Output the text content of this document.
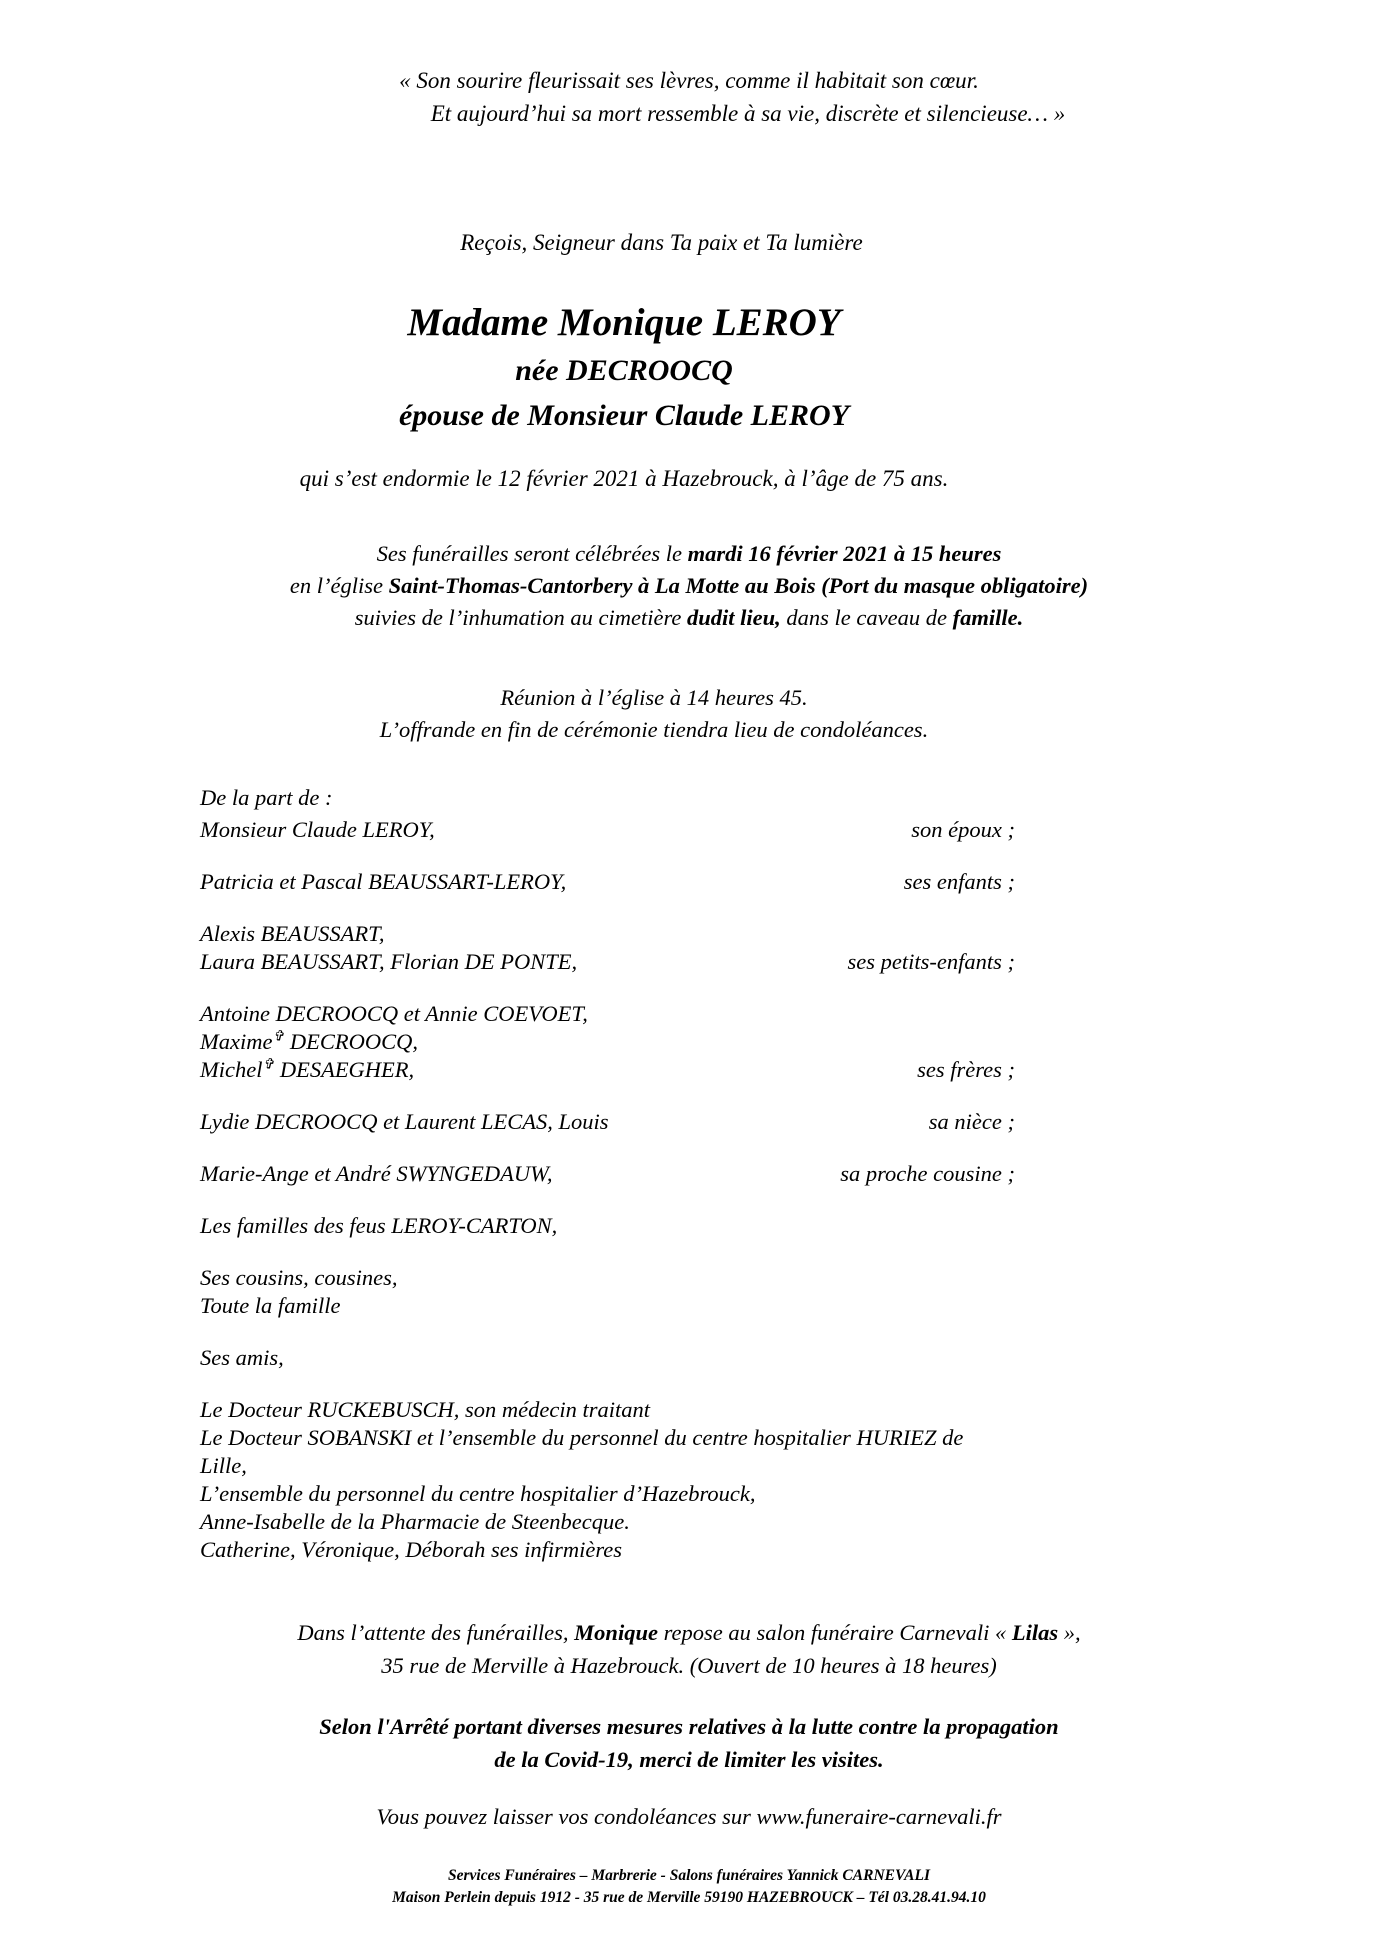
« Son sourire fleurissait ses lèvres, comme il habitait son cœur.
Et aujourd’hui sa mort ressemble à sa vie, discrète et silencieuse… »
Reçois, Seigneur dans Ta paix et Ta lumière
Madame Monique LEROY
née DECROOCQ
épouse de Monsieur Claude LEROY
qui s’est endormie le 12 février 2021 à Hazebrouck, à l’âge de 75 ans.
Ses funérailles seront célébrées le mardi 16 février 2021 à 15 heures
en l’église Saint-Thomas-Cantorbery à La Motte au Bois (Port du masque obligatoire)
suivies de l’inhumation au cimetière dudit lieu, dans le caveau de famille.
Réunion à l’église à 14 heures 45.
L’offrande en fin de cérémonie tiendra lieu de condoléances.
De la part de :
Monsieur Claude LEROY,	son époux ;
Patricia et Pascal BEAUSSART-LEROY,	ses enfants ;
Alexis BEAUSSART,
Laura BEAUSSART, Florian DE PONTE,	ses petits-enfants ;
Antoine DECROOCQ et Annie COEVOET,
Maxime✞ DECROOCQ,
Michel✞ DESAEGHER,	ses frères ;
Lydie DECROOCQ et Laurent LECAS, Louis	sa nièce ;
Marie-Ange et André SWYNGEDAUW,	sa proche cousine ;
Les familles des feus LEROY-CARTON,
Ses cousins, cousines,
Toute la famille
Ses amis,
Le Docteur RUCKEBUSCH, son médecin traitant
Le Docteur SOBANSKI et l’ensemble du personnel du centre hospitalier HURIEZ de Lille,
L’ensemble du personnel du centre hospitalier d’Hazebrouck,
Anne-Isabelle de la Pharmacie de Steenbecque.
Catherine, Véronique, Déborah ses infirmières
Dans l’attente des funérailles, Monique repose au salon funéraire Carnevali « Lilas »,
35 rue de Merville à Hazebrouck. (Ouvert de 10 heures à 18 heures)
Selon l'Arrêté portant diverses mesures relatives à la lutte contre la propagation
de la Covid-19, merci de limiter les visites.
Vous pouvez laisser vos condoléances sur www.funeraire-carnevali.fr
Services Funéraires – Marbrerie - Salons funéraires Yannick CARNEVALI
Maison Perlein depuis 1912 - 35 rue de Merville 59190 HAZEBROUCK – Tél 03.28.41.94.10
